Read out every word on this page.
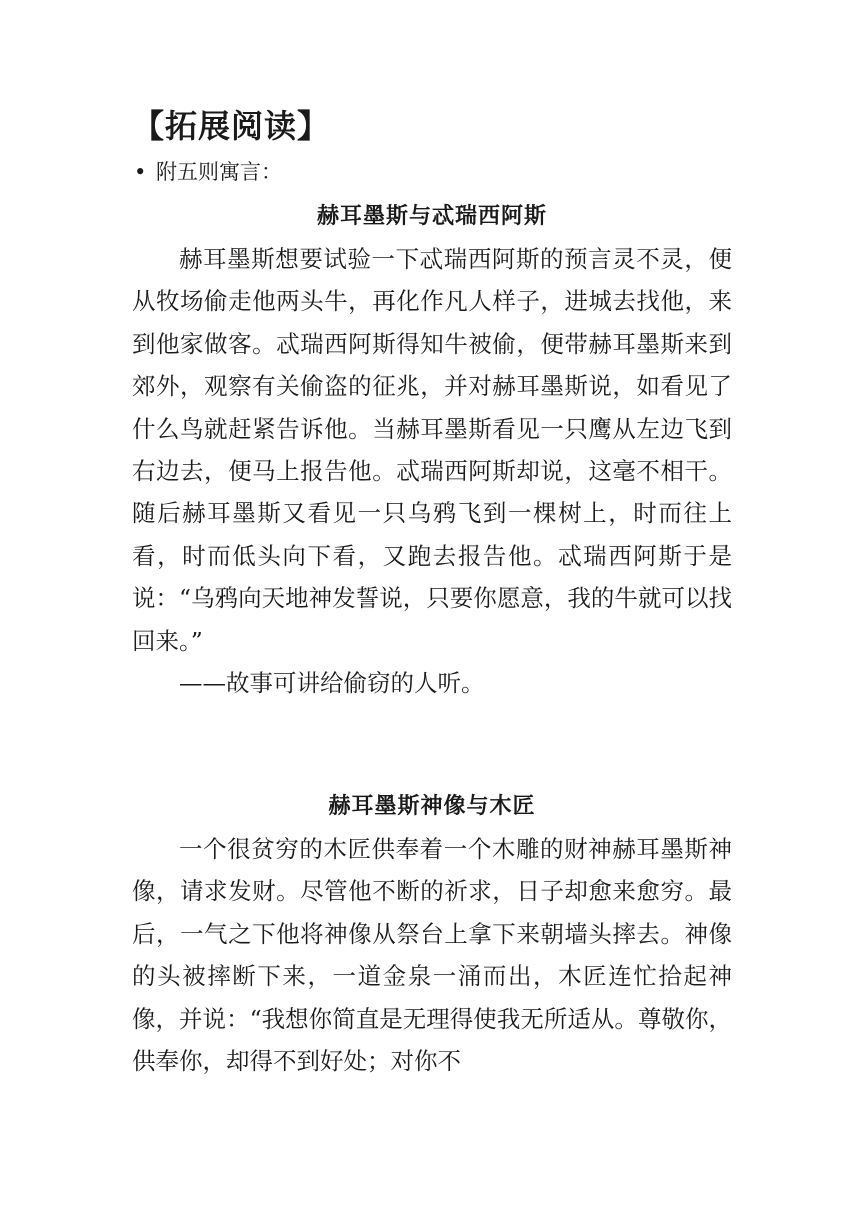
【拓展阅读】

• 附五则寓言：

赫耳墨斯与忒瑞西阿斯

赫耳墨斯想要试验一下忒瑞西阿斯的预言灵不灵，便从牧场偷走他两头牛，再化作凡人样子，进城去找他，来到他家做客。忒瑞西阿斯得知牛被偷，便带赫耳墨斯来到郊外，观察有关偷盗的征兆，并对赫耳墨斯说，如看见了什么鸟就赶紧告诉他。当赫耳墨斯看见一只鹰从左边飞到右边去，便马上报告他。忒瑞西阿斯却说，这毫不相干。随后赫耳墨斯又看见一只乌鸦飞到一棵树上，时而往上看，时而低头向下看，又跑去报告他。忒瑞西阿斯于是说：“乌鸦向天地神发誓说，只要你愿意，我的牛就可以找回来。”

——故事可讲给偷窃的人听。

赫耳墨斯神像与木匠

一个很贫穷的木匠供奉着一个木雕的财神赫耳墨斯神像，请求发财。尽管他不断的祈求，日子却愈来愈穷。最后，一气之下他将神像从祭台上拿下来朝墙头摔去。神像的头被摔断下来，一道金泉一涌而出，木匠连忙拾起神像，并说：“我想你简直是无理得使我无所适从。尊敬你，供奉你，却得不到好处；对你不
